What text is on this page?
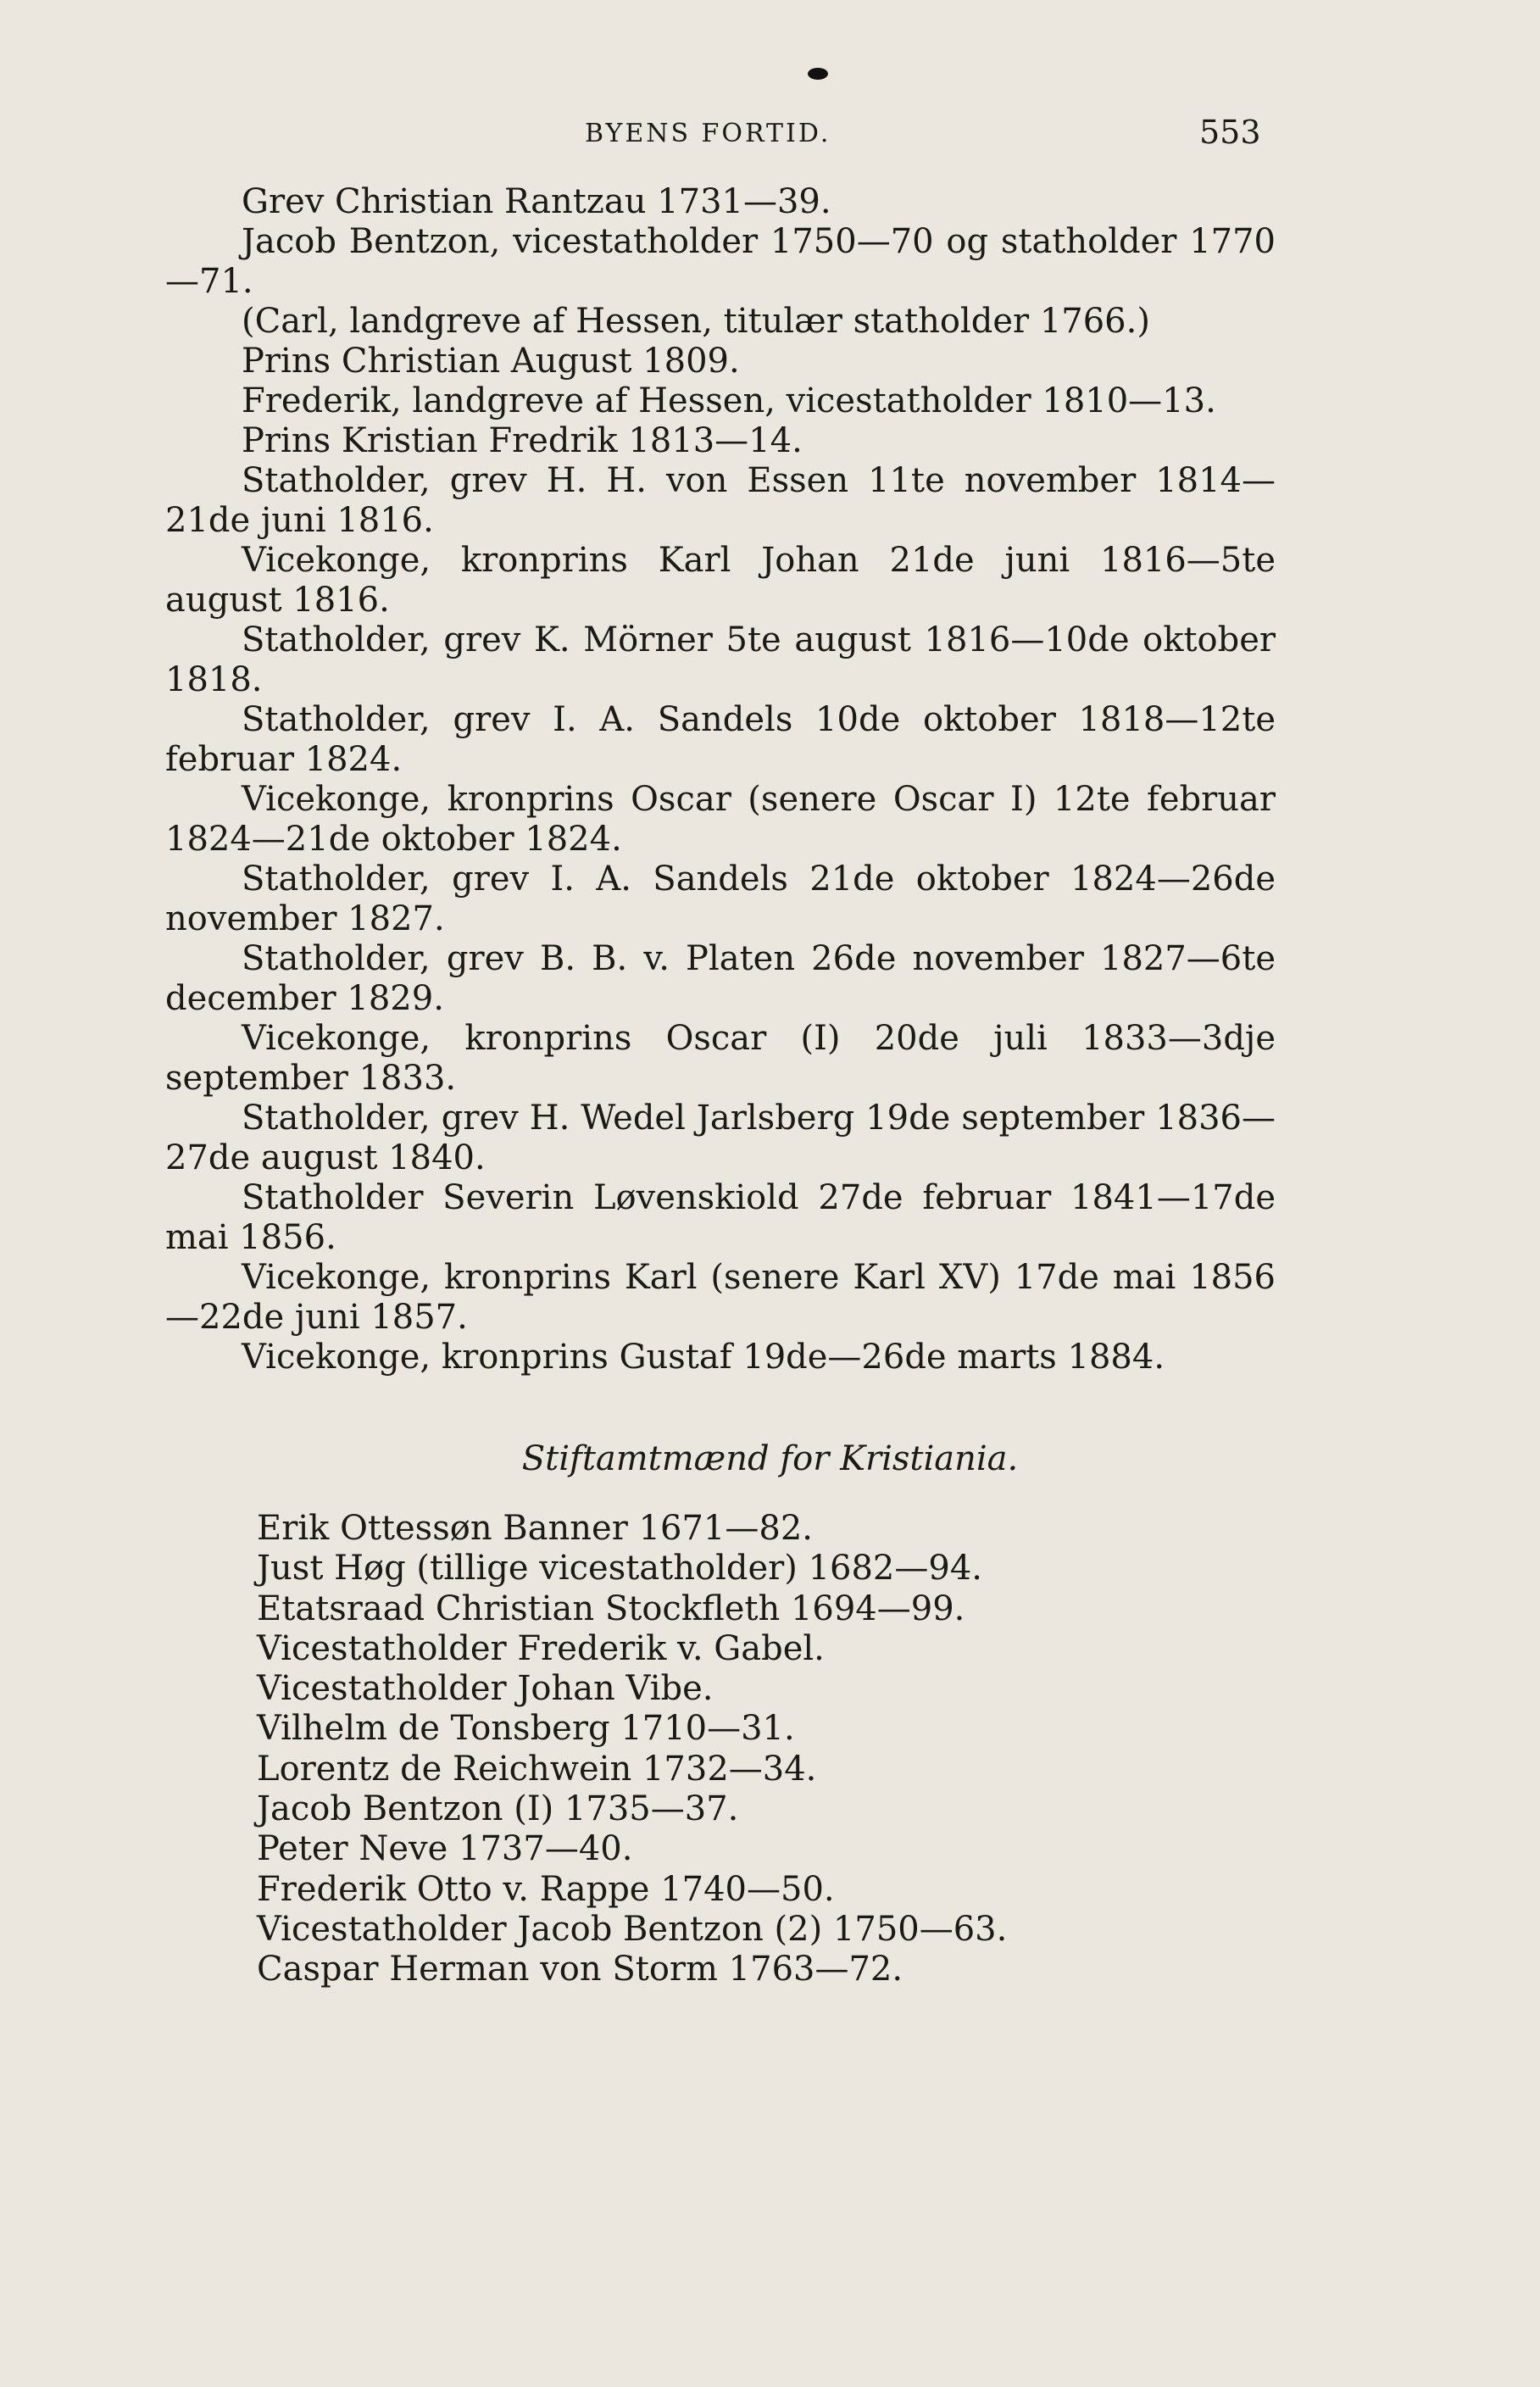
BYENS FORTID.	553

Grev Christian Rantzau 1731—39.

Jacob Bentzon, vicestatholder 1750—70 og statholder 1770 —71.

(Carl, landgreve af Hessen, titulær statholder 1766.)

Prins Christian August 1809.

Frederik, landgreve af Hessen, vicestatholder 1810—13.

Prins Kristian Fredrik 1813—14.

Statholder, grev H. H. von Essen 11te november 1814—21de juni 1816.

Vicekonge, kronprins Karl Johan 21de juni 1816—5te august 1816.

Statholder, grev K. Mörner 5te august 1816—10de oktober 1818.

Statholder, grev I. A. Sandels 10de oktober 1818—12te februar 1824.

Vicekonge, kronprins Oscar (senere Oscar I) 12te februar 1824—21de oktober 1824.

Statholder, grev I. A. Sandels 21de oktober 1824—26de november 1827.

Statholder, grev B. B. v. Platen 26de november 1827—6te december 1829.

Vicekonge, kronprins Oscar (I) 20de juli 1833—3dje september 1833.

Statholder, grev H. Wedel Jarlsberg 19de september 1836—27de august 1840.

Statholder Severin Løvenskiold 27de februar 1841—17de mai 1856.

Vicekonge, kronprins Karl (senere Karl XV) 17de mai 1856 —22de juni 1857.

Vicekonge, kronprins Gustaf 19de—26de marts 1884.

Stiftamtmænd for Kristiania.

Erik Ottessøn Banner 1671—82.

Just Høg (tillige vicestatholder) 1682—94.

Etatsraad Christian Stockfleth 1694—99.

Vicestatholder Frederik v. Gabel.

Vicestatholder Johan Vibe.

Vilhelm de Tonsberg 1710—31.

Lorentz de Reichwein 1732—34.

Jacob Bentzon (I) 1735—37.

Peter Neve 1737—40.

Frederik Otto v. Rappe 1740—50.

Vicestatholder Jacob Bentzon (2) 1750—63.

Caspar Herman von Storm 1763—72.
